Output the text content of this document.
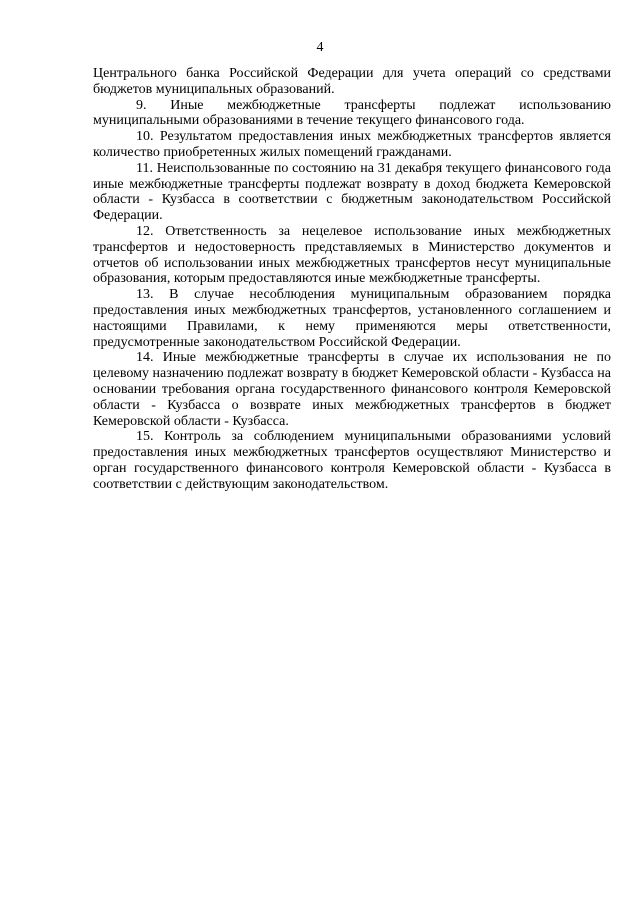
4

Центрального банка Российской Федерации для учета операций со средствами бюджетов муниципальных образований.

9. Иные межбюджетные трансферты подлежат использованию муниципальными образованиями в течение текущего финансового года.

10. Результатом предоставления иных межбюджетных трансфертов является количество приобретенных жилых помещений гражданами.

11. Неиспользованные по состоянию на 31 декабря текущего финансового года иные межбюджетные трансферты подлежат возврату в доход бюджета Кемеровской области - Кузбасса в соответствии с бюджетным законодательством Российской Федерации.

12. Ответственность за нецелевое использование иных межбюджетных трансфертов и недостоверность представляемых в Министерство документов и отчетов об использовании иных межбюджетных трансфертов несут муниципальные образования, которым предоставляются иные межбюджетные трансферты.

13. В случае несоблюдения муниципальным образованием порядка предоставления иных межбюджетных трансфертов, установленного соглашением и настоящими Правилами, к нему применяются меры ответственности, предусмотренные законодательством Российской Федерации.

14. Иные межбюджетные трансферты в случае их использования не по целевому назначению подлежат возврату в бюджет Кемеровской области - Кузбасса на основании требования органа государственного финансового контроля Кемеровской области - Кузбасса о возврате иных межбюджетных трансфертов в бюджет Кемеровской области - Кузбасса.

15. Контроль за соблюдением муниципальными образованиями условий предоставления иных межбюджетных трансфертов осуществляют Министерство и орган государственного финансового контроля Кемеровской области - Кузбасса в соответствии с действующим законодательством.
